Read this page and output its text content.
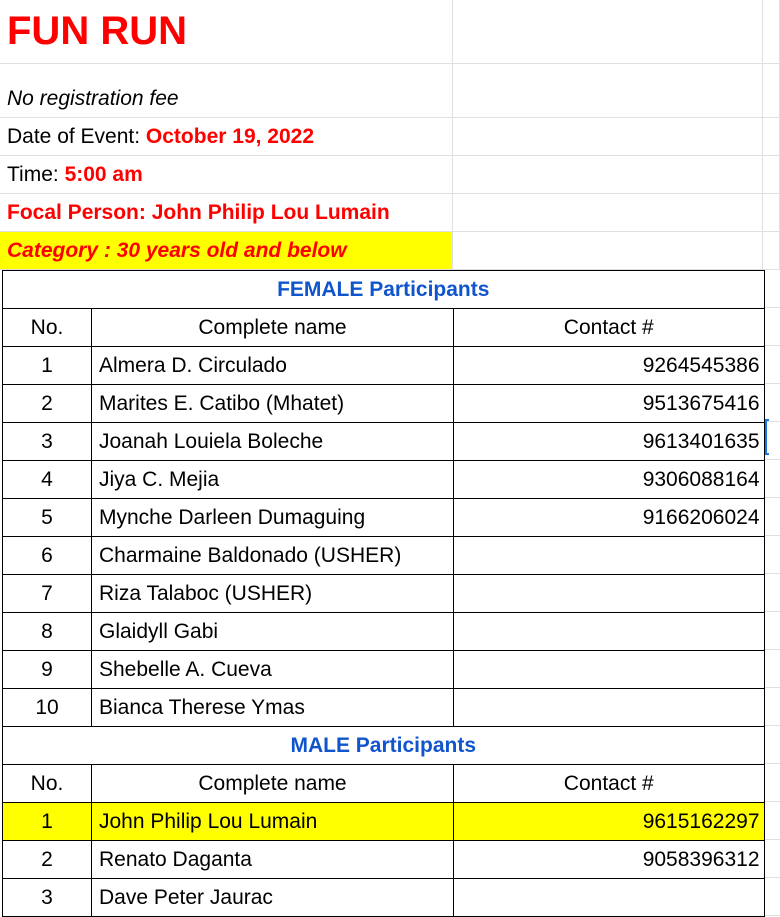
FUN RUN
No registration fee
Date of Event: October 19, 2022
Time: 5:00 am
Focal Person: John Philip Lou Lumain
Category : 30 years old and below
FEMALE Participants
No.	Complete name	Contact #
1 Almera D. Circulado	9264545386
2 Marites E. Catibo (Mhatet)	9513675416
3 Joanah Louiela Boleche	9613401635
4 Jiya C. Mejia	9306088164
5 Mynche Darleen Dumaguing	9166206024
6 Charmaine Baldonado (USHER)
7 Riza Talaboc (USHER)
8 Glaidyll Gabi
9 Shebelle A. Cueva
10 Bianca Therese Ymas
MALE Participants
No.	Complete name	Contact #
1 John Philip Lou Lumain	9615162297
2 Renato Daganta	9058396312
3 Dave Peter Jaurac
